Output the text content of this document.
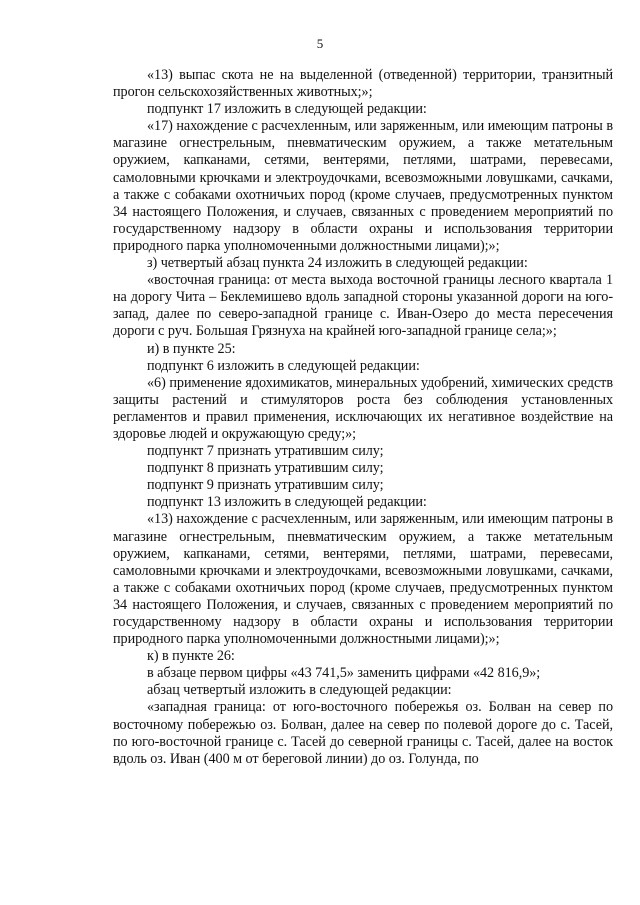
5

«13) выпас скота не на выделенной (отведенной) территории, транзитный прогон сельскохозяйственных животных;»;

подпункт 17 изложить в следующей редакции:

«17) нахождение с расчехленным, или заряженным, или имеющим патроны в магазине огнестрельным, пневматическим оружием, а также метательным оружием, капканами, сетями, вентерями, петлями, шатрами, перевесами, самоловными крючками и электроудочками, всевозможными ловушками, сачками, а также с собаками охотничьих пород (кроме случаев, предусмотренных пунктом 34 настоящего Положения, и случаев, связанных с проведением мероприятий по государственному надзору в области охраны и использования территории природного парка уполномоченными должностными лицами);»;

з) четвертый абзац пункта 24 изложить в следующей редакции:

«восточная граница: от места выхода восточной границы лесного квартала 1 на дорогу Чита – Беклемишево вдоль западной стороны указанной дороги на юго-запад, далее по северо-западной границе с. Иван-Озеро до места пересечения дороги с руч. Большая Грязнуха на крайней юго-западной границе села;»;

и) в пункте 25:

подпункт 6 изложить в следующей редакции:

«6) применение ядохимикатов, минеральных удобрений, химических средств защиты растений и стимуляторов роста без соблюдения установленных регламентов и правил применения, исключающих их негативное воздействие на здоровье людей и окружающую среду;»;

подпункт 7 признать утратившим силу;

подпункт 8 признать утратившим силу;

подпункт 9 признать утратившим силу;

подпункт 13 изложить в следующей редакции:

«13) нахождение с расчехленным, или заряженным, или имеющим патроны в магазине огнестрельным, пневматическим оружием, а также метательным оружием, капканами, сетями, вентерями, петлями, шатрами, перевесами, самоловными крючками и электроудочками, всевозможными ловушками, сачками, а также с собаками охотничьих пород (кроме случаев, предусмотренных пунктом 34 настоящего Положения, и случаев, связанных с проведением мероприятий по государственному надзору в области охраны и использования территории природного парка уполномоченными должностными лицами);»;

к) в пункте 26:

в абзаце первом цифры «43 741,5» заменить цифрами «42 816,9»;

абзац четвертый изложить в следующей редакции:

«западная граница: от юго-восточного побережья оз. Болван на север по восточному побережью оз. Болван, далее на север по полевой дороге до с. Тасей, по юго-восточной границе с. Тасей до северной границы с. Тасей, далее на восток вдоль оз. Иван (400 м от береговой линии) до оз. Голунда, по
